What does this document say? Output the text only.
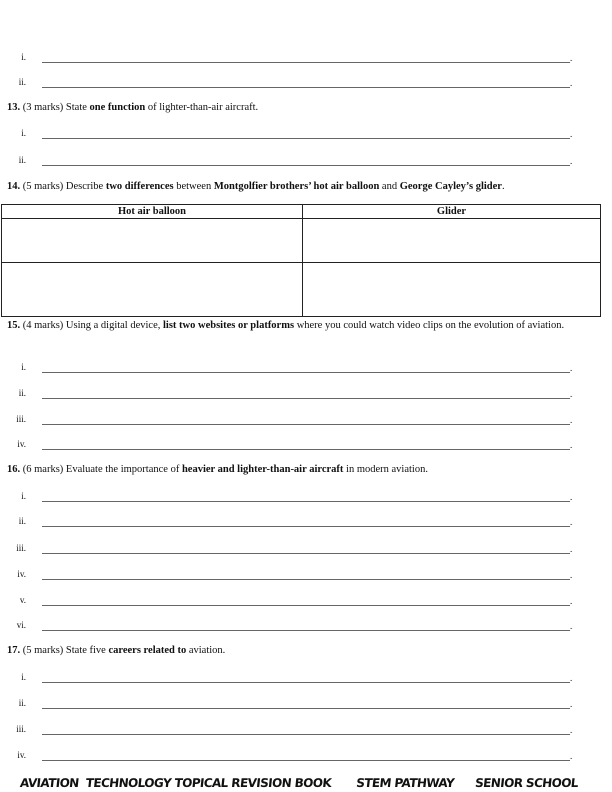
i.	.
ii.	.
13. (3 marks) State one function of lighter-than-air aircraft.
i.	.
ii.	.
14. (5 marks) Describe two differences between Montgolfier brothers’ hot air balloon and George Cayley’s glider.
Hot air balloon	Glider

15. (4 marks) Using a digital device, list two websites or platforms where you could watch video clips on the evolution of aviation.
i.	.
ii.	.
iii.	.
iv.	.
16. (6 marks) Evaluate the importance of heavier and lighter-than-air aircraft in modern aviation.
i.	.
ii.	.
iii.	.
iv.	.
v.	.
vi.	.
17. (5 marks) State five careers related to aviation.
i.	.
ii.	.
iii.	.
iv.	.
AVIATION  TECHNOLOGY TOPICAL REVISION BOOK STEM PATHWAY SENIOR SCHOOL
